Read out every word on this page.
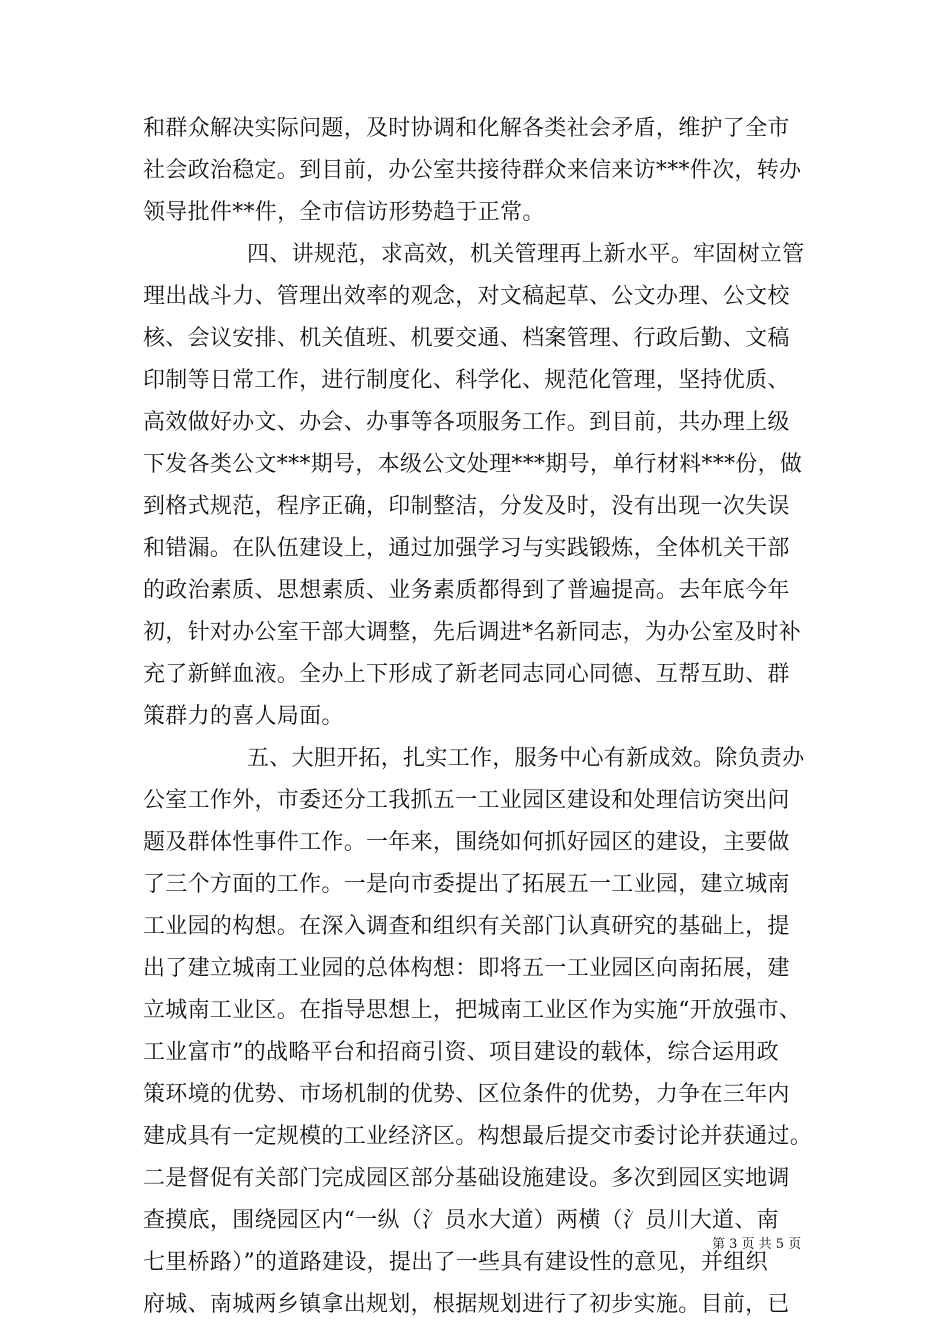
和群众解决实际问题，及时协调和化解各类社会矛盾，维护了全市
社会政治稳定。到目前，办公室共接待群众来信来访***件次，转办
领导批件**件，全市信访形势趋于正常。
四、讲规范，求高效，机关管理再上新水平。牢固树立管
理出战斗力、管理出效率的观念，对文稿起草、公文办理、公文校
核、会议安排、机关值班、机要交通、档案管理、行政后勤、文稿
印制等日常工作，进行制度化、科学化、规范化管理，坚持优质、
高效做好办文、办会、办事等各项服务工作。到目前，共办理上级
下发各类公文***期号，本级公文处理***期号，单行材料***份，做
到格式规范，程序正确，印制整洁，分发及时，没有出现一次失误
和错漏。在队伍建设上，通过加强学习与实践锻炼，全体机关干部
的政治素质、思想素质、业务素质都得到了普遍提高。去年底今年
初，针对办公室干部大调整，先后调进*名新同志，为办公室及时补
充了新鲜血液。全办上下形成了新老同志同心同德、互帮互助、群
策群力的喜人局面。
五、大胆开拓，扎实工作，服务中心有新成效。除负责办
公室工作外，市委还分工我抓五一工业园区建设和处理信访突出问
题及群体性事件工作。一年来，围绕如何抓好园区的建设，主要做
了三个方面的工作。一是向市委提出了拓展五一工业园，建立城南
工业园的构想。在深入调查和组织有关部门认真研究的基础上，提
出了建立城南工业园的总体构想：即将五一工业园区向南拓展，建
立城南工业区。在指导思想上，把城南工业区作为实施“开放强市、
工业富市”的战略平台和招商引资、项目建设的载体，综合运用政
策环境的优势、市场机制的优势、区位条件的优势，力争在三年内
建成具有一定规模的工业经济区。构想最后提交市委讨论并获通过。
二是督促有关部门完成园区部分基础设施建设。多次到园区实地调
查摸底，围绕园区内“一纵（氵员水大道）两横（氵员川大道、南
七里桥路）”的道路建设，提出了一些具有建设性的意见，并组织
府城、南城两乡镇拿出规划，根据规划进行了初步实施。目前，已
第 3 页 共 5 页
